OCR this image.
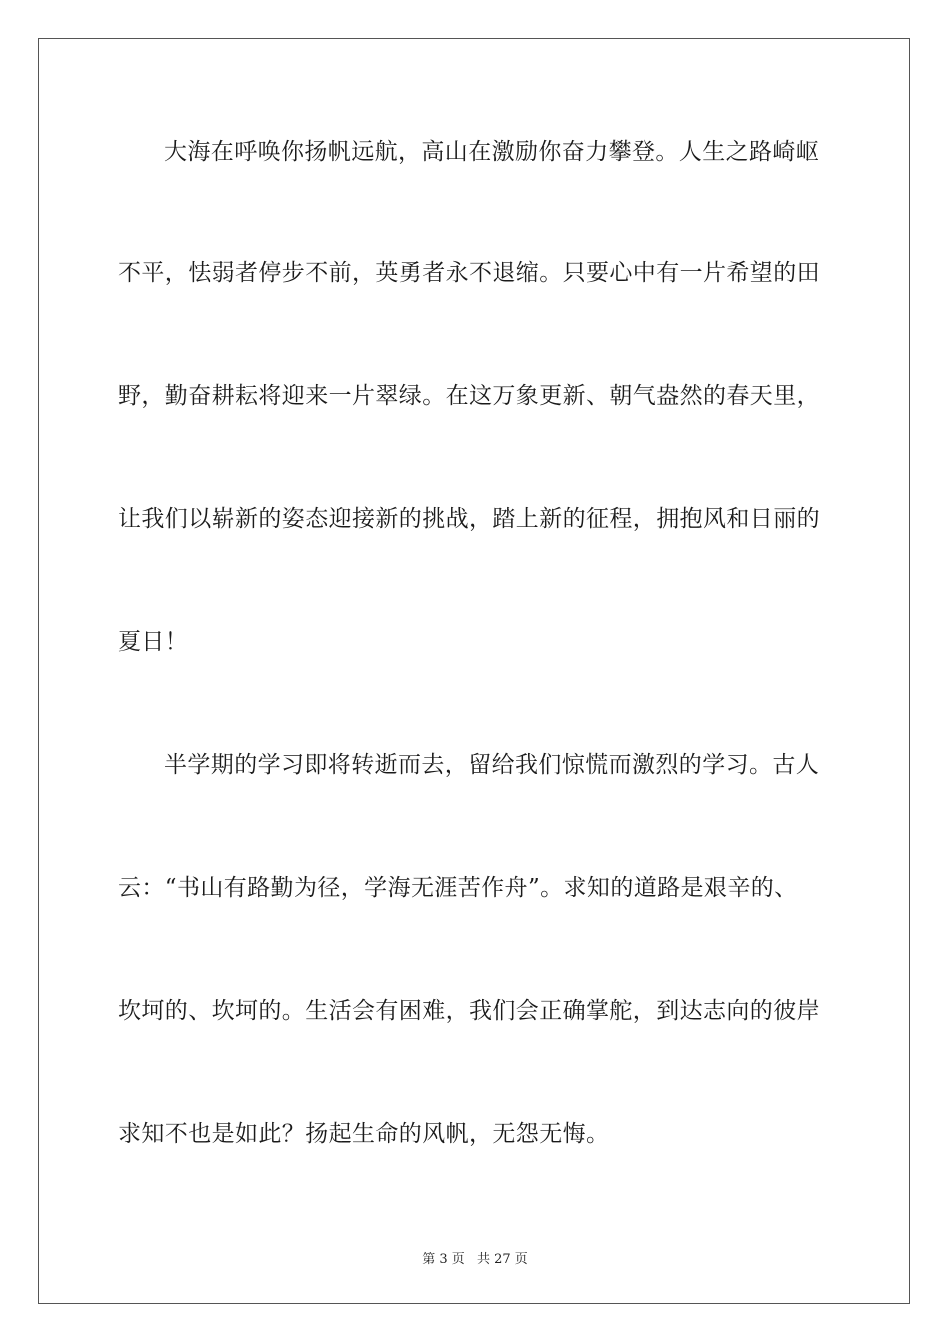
大海在呼唤你扬帆远航，高山在激励你奋力攀登。人生之路崎岖
不平，怯弱者停步不前，英勇者永不退缩。只要心中有一片希望的田
野，勤奋耕耘将迎来一片翠绿。在这万象更新、朝气盎然的春天里，
让我们以崭新的姿态迎接新的挑战，踏上新的征程，拥抱风和日丽的
夏日！
半学期的学习即将转逝而去，留给我们惊慌而激烈的学习。古人
云：“书山有路勤为径，学海无涯苦作舟”。求知的道路是艰辛的、
坎坷的、坎坷的。生活会有困难，我们会正确掌舵，到达志向的彼岸
求知不也是如此？扬起生命的风帆，无怨无悔。
第 3 页 共 27 页
